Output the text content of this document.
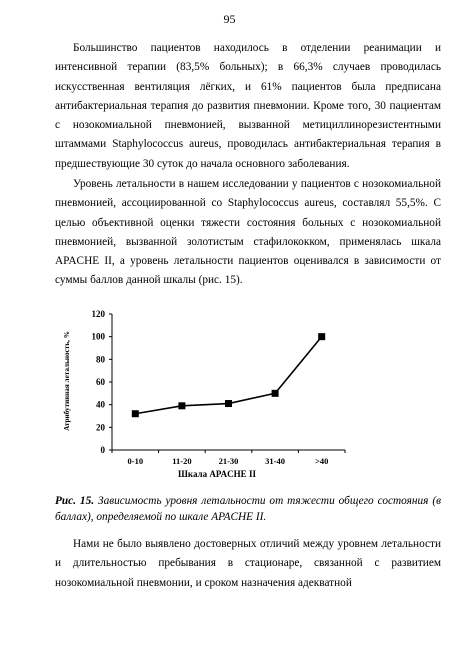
95

Большинство пациентов находилось в отделении реанимации и интенсивной терапии (83,5% больных); в 66,3% случаев проводилась искусственная вентиляция лёгких, и 61% пациентов была предписана антибактериальная терапия до развития пневмонии. Кроме того, 30 пациентам с нозокомиальной пневмонией, вызванной метициллинорезистентными штаммами Staphylococcus aureus, проводилась антибактериальная терапия в предшествующие 30 суток до начала основного заболевания.

Уровень летальности в нашем исследовании у пациентов с нозокомиальной пневмонией, ассоциированной со Staphylococcus aureus, составлял 55,5%. С целью объективной оценки тяжести состояния больных с нозокомиальной пневмонией, вызванной золотистым стафилококком, применялась шкала APACHE II, а уровень летальности пациентов оценивался в зависимости от суммы баллов данной шкалы (рис. 15).

0
20
40
60
80
100
120
0-10	11-20	21-30	31-40	>40
Атрибутивная летальность, %
Шкала APACHE II

Рис. 15. Зависимость уровня летальности от тяжести общего состояния (в баллах), определяемой по шкале APACHE II.

Нами не было выявлено достоверных отличий между уровнем летальности и длительностью пребывания в стационаре, связанной с развитием нозокомиальной пневмонии, и сроком назначения адекватной
